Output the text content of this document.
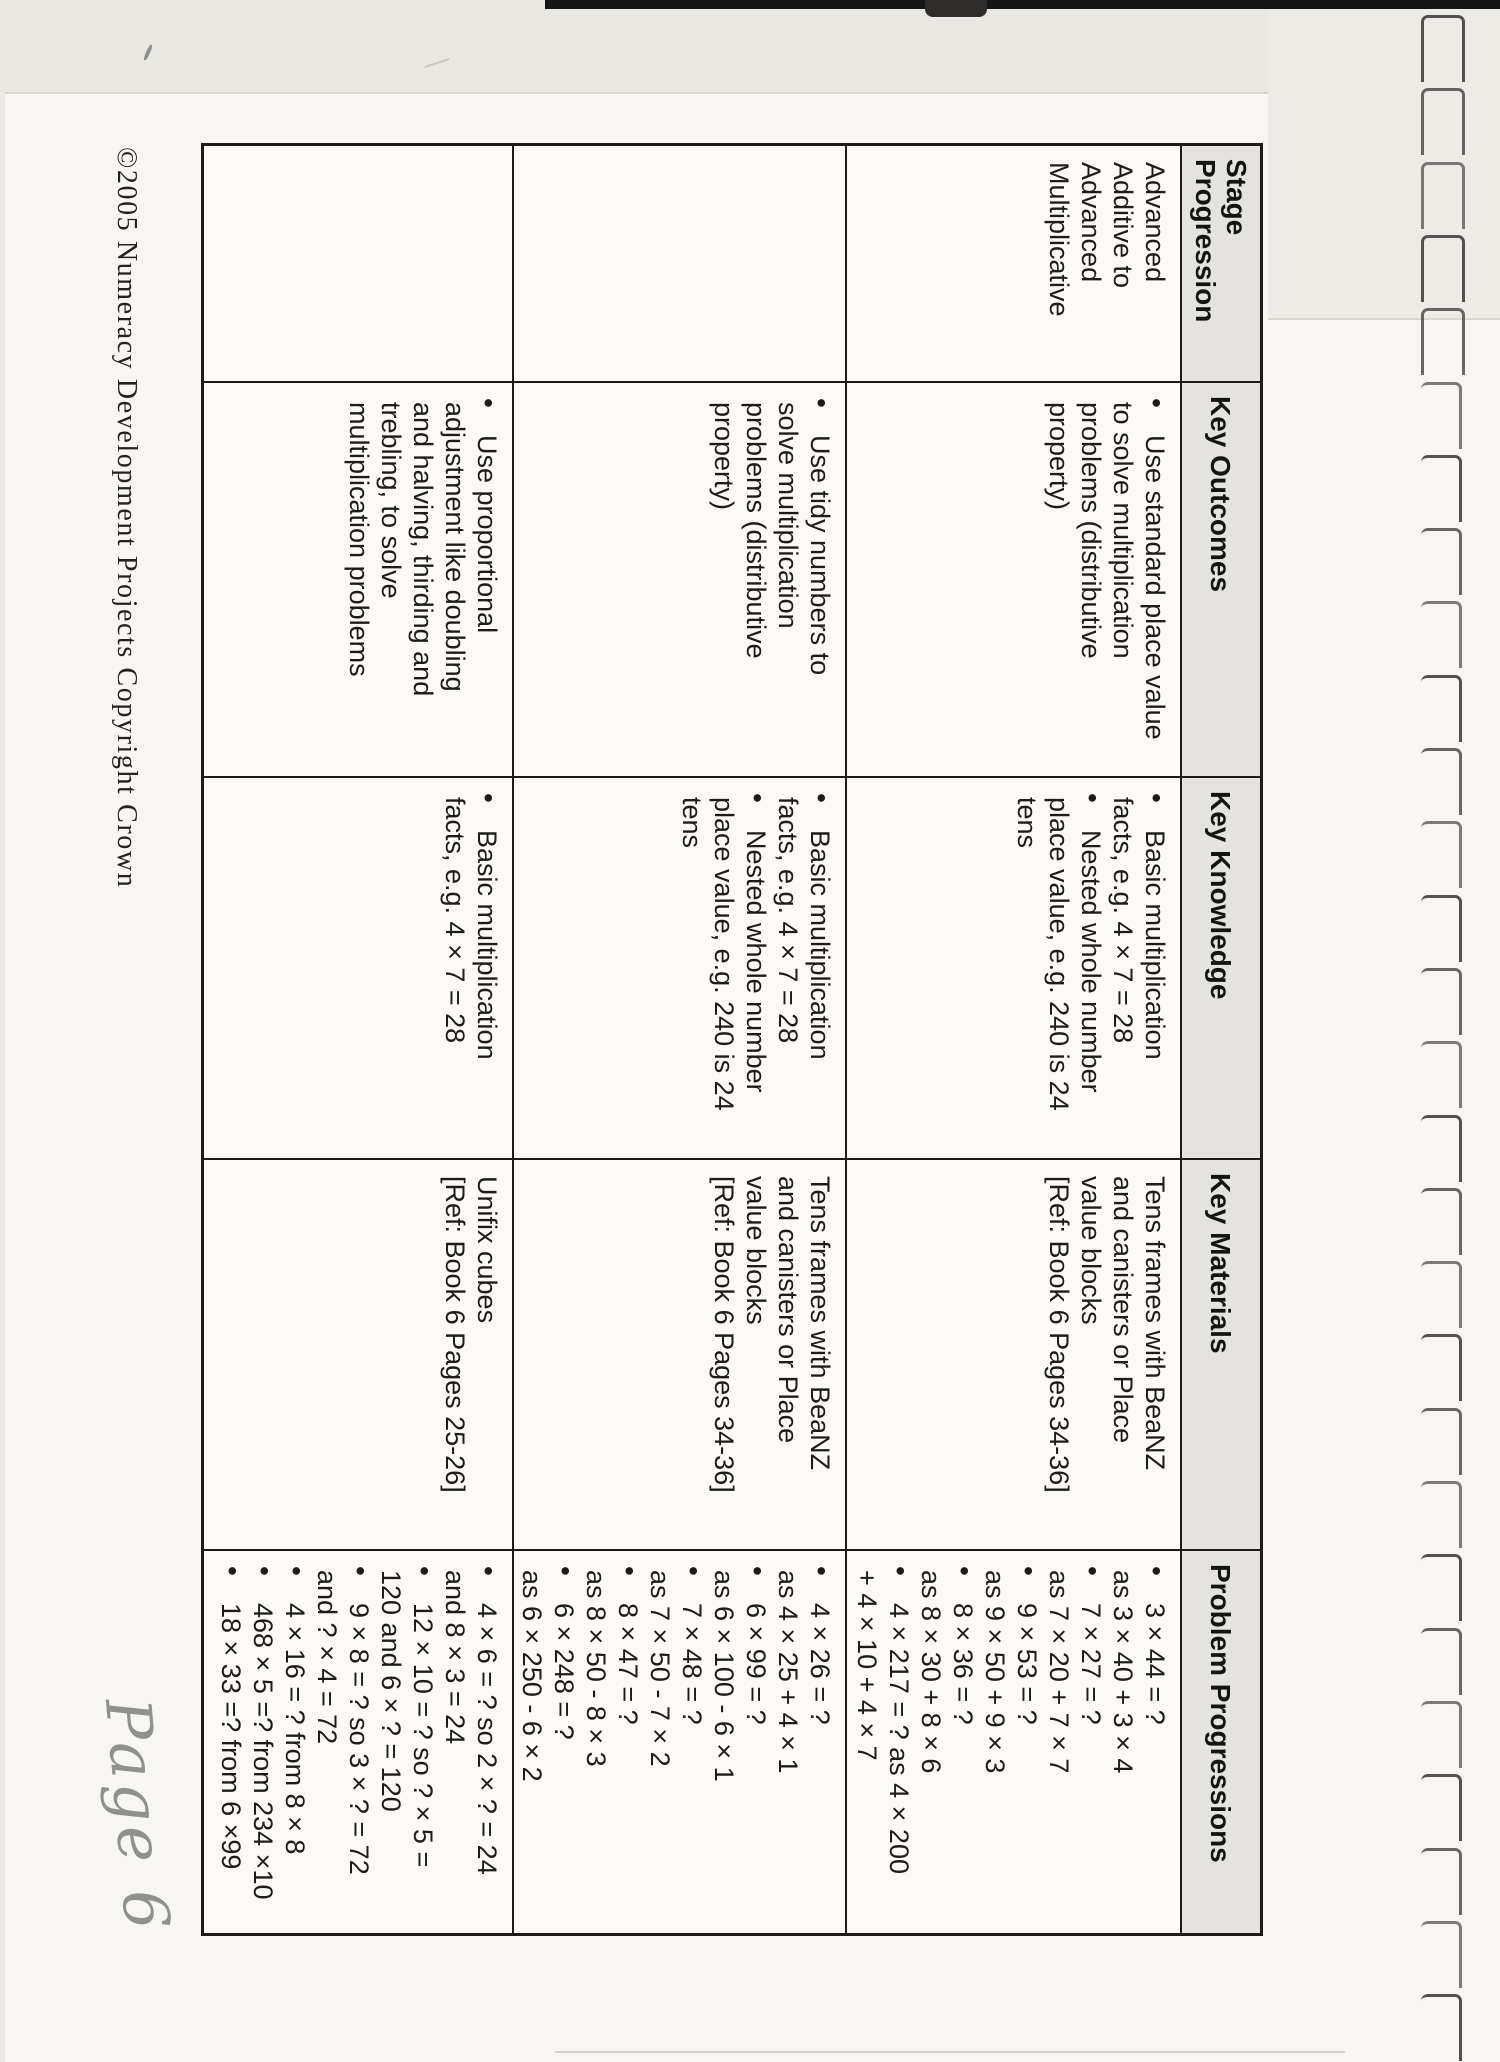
Stage Progression
Key Outcomes
Key Knowledge
Key Materials
Problem Progressions
Advanced
Additive to
Advanced
Multiplicative
•
Use standard place value
to solve multiplication
problems (distributive
property)
•
Basic multiplication
facts, e.g. 4 × 7 = 28
•
Nested whole number
place value, e.g. 240 is 24
tens
Tens frames with BeaNZ
and canisters or Place
value blocks
[Ref: Book 6 Pages 34-36]
•
3 × 44 = ?
as 3 × 40 + 3 × 4
•
7 × 27 = ?
as 7 × 20 + 7 × 7
•
9 × 53 = ?
as 9 × 50 + 9 × 3
•
8 × 36 = ?
as 8 × 30 + 8 × 6
•
4 × 217 = ? as 4 × 200
+ 4 × 10 + 4 × 7
•
Use tidy numbers to
solve multiplication
problems (distributive
property)
•
Basic multiplication
facts, e.g. 4 × 7 = 28
•
Nested whole number
place value, e.g. 240 is 24
tens
Tens frames with BeaNZ
and canisters or Place
value blocks
[Ref: Book 6 Pages 34-36]
•
4 × 26 = ?
as 4 × 25 + 4 × 1
•
6 × 99 = ?
as 6 × 100 - 6 × 1
•
7 × 48 = ?
as 7 × 50 - 7 × 2
•
8 × 47 = ?
as 8 × 50 - 8 × 3
•
6 × 248 = ?
as 6 × 250 - 6 × 2
•
Use proportional
adjustment like doubling
and halving, thirding and
trebling, to solve
multiplication problems
•
Basic multiplication
facts, e.g. 4 × 7 = 28
Unifix cubes
[Ref: Book 6 Pages 25-26]
•
4 × 6 = ? so 2 × ? = 24
and 8 × 3 = 24
•
12 × 10 = ? so ? × 5 =
120 and 6 × ? = 120
•
9 × 8 = ? so 3 × ? = 72
and ? × 4 = 72
•
4 × 16 = ? from 8 × 8
•
468 × 5 =? from 234 ×10
•
18 × 33 =? from 6 ×99
©2005 Numeracy Development Projects Copyright Crown
Page 6
